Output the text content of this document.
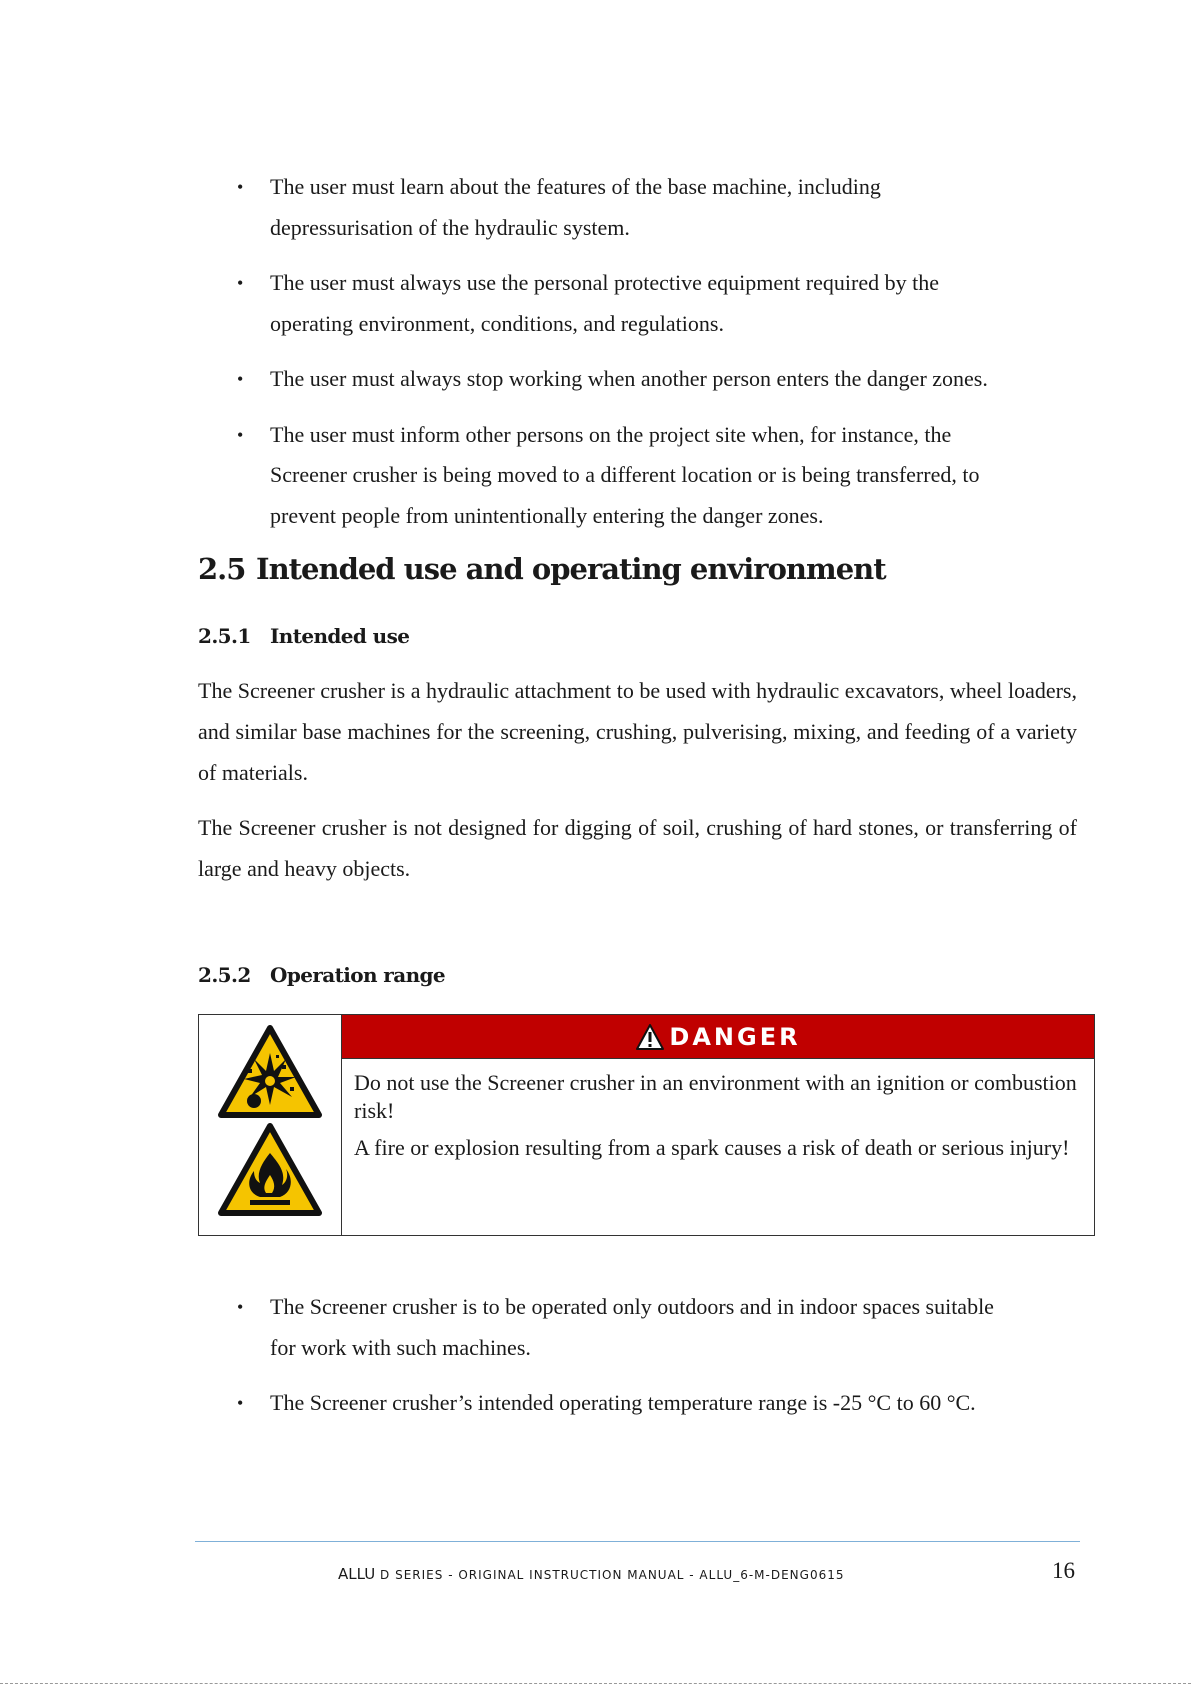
• The user must learn about the features of the base machine, including
depressurisation of the hydraulic system.
• The user must always use the personal protective equipment required by the
operating environment, conditions, and regulations.
• The user must always stop working when another person enters the danger zones.
• The user must inform other persons on the project site when, for instance, the
Screener crusher is being moved to a different location or is being transferred, to
prevent people from unintentionally entering the danger zones.
2.5 Intended use and operating environment
2.5.1 Intended use

The Screener crusher is a hydraulic attachment to be used with hydraulic excavators, wheel loaders, and similar base machines for the screening, crushing, pulverising, mixing, and feeding of a variety of materials.

The Screener crusher is not designed for digging of soil, crushing of hard stones, or transferring of large and heavy objects.

2.5.2 Operation range
DANGER

Do not use the Screener crusher in an environment with an ignition or combustion risk!

A fire or explosion resulting from a spark causes a risk of death or serious injury!

• The Screener crusher is to be operated only outdoors and in indoor spaces suitable
for work with such machines.
• The Screener crusher’s intended operating temperature range is -25 °C to 60 °C.
ALLU D SERIES - ORIGINAL INSTRUCTION MANUAL - ALLU_6-M-DENG0615	16
